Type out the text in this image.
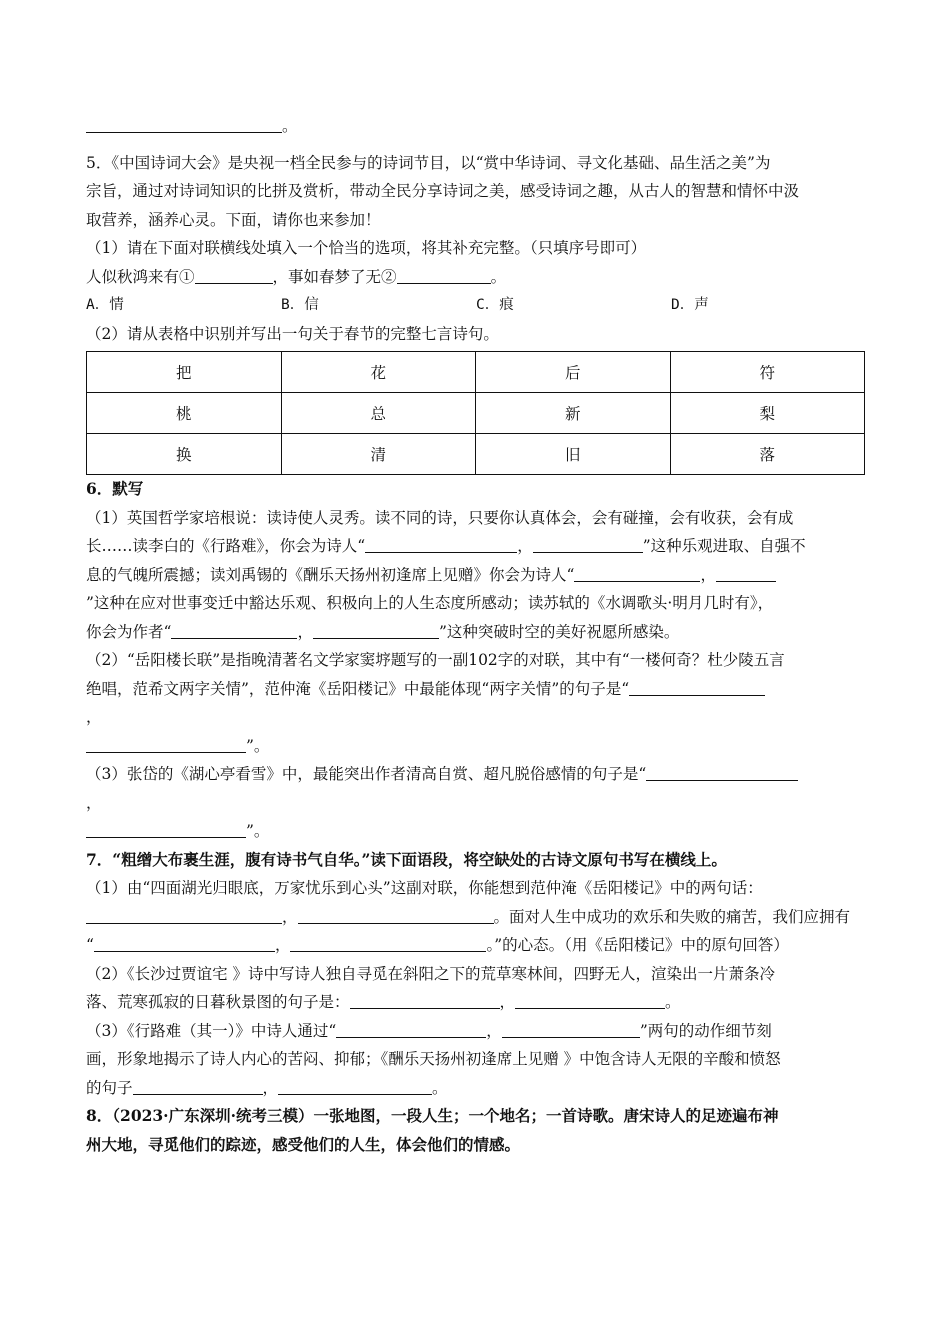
。
5．《中国诗词大会》是央视一档全民参与的诗词节目，以“赏中华诗词、寻文化基础、品生活之美”为
宗旨，通过对诗词知识的比拼及赏析，带动全民分享诗词之美，感受诗词之趣，从古人的智慧和情怀中汲
取营养，涵养心灵。下面，请你也来参加！
（1）请在下面对联横线处填入一个恰当的选项，将其补充完整。（只填序号即可）
人似秋鸿来有①	，事如春梦了无②	。
A．情	B．信	C．痕	D．声
（2）请从表格中识别并写出一句关于春节的完整七言诗句。
把	花	后	符
桃	总	新	梨
换	清	旧	落
6．默写
（1）英国哲学家培根说：读诗使人灵秀。读不同的诗，只要你认真体会，会有碰撞，会有收获，会有成
长……读李白的《行路难》，你会为诗人“	，	”这种乐观进取、自强不
息的气魄所震撼；读刘禹锡的《酬乐天扬州初逢席上见赠》你会为诗人“	，
”这种在应对世事变迁中豁达乐观、积极向上的人生态度所感动；读苏轼的《水调歌头·明月几时有》，
你会为作者“	，	”这种突破时空的美好祝愿所感染。
（2）“岳阳楼长联”是指晚清著名文学家窦垿题写的一副102字的对联，其中有“一楼何奇？杜少陵五言
绝唱，范希文两字关情”，范仲淹《岳阳楼记》中最能体现“两字关情”的句子是“
，
”。
（3）张岱的《湖心亭看雪》中，最能突出作者清高自赏、超凡脱俗感情的句子是“
，
”。
7．“粗缯大布裹生涯，腹有诗书气自华。”读下面语段，将空缺处的古诗文原句书写在横线上。
（1）由“四面湖光归眼底，万家忧乐到心头”这副对联，你能想到范仲淹《岳阳楼记》中的两句话：
，	。面对人生中成功的欢乐和失败的痛苦，我们应拥有
“	，	。”的心态。（用《岳阳楼记》中的原句回答）
（2）《长沙过贾谊宅 》诗中写诗人独自寻觅在斜阳之下的荒草寒林间，四野无人，渲染出一片萧条冷
落、荒寒孤寂的日暮秋景图的句子是：	，	。
（3）《行路难（其一）》中诗人通过“	，	”两句的动作细节刻
画，形象地揭示了诗人内心的苦闷、抑郁；《酬乐天扬州初逢席上见赠 》中饱含诗人无限的辛酸和愤怒
的句子	，	。
8．（2023·广东深圳·统考三模）一张地图，一段人生；一个地名；一首诗歌。唐宋诗人的足迹遍布神
州大地，寻觅他们的踪迹，感受他们的人生，体会他们的情感。
